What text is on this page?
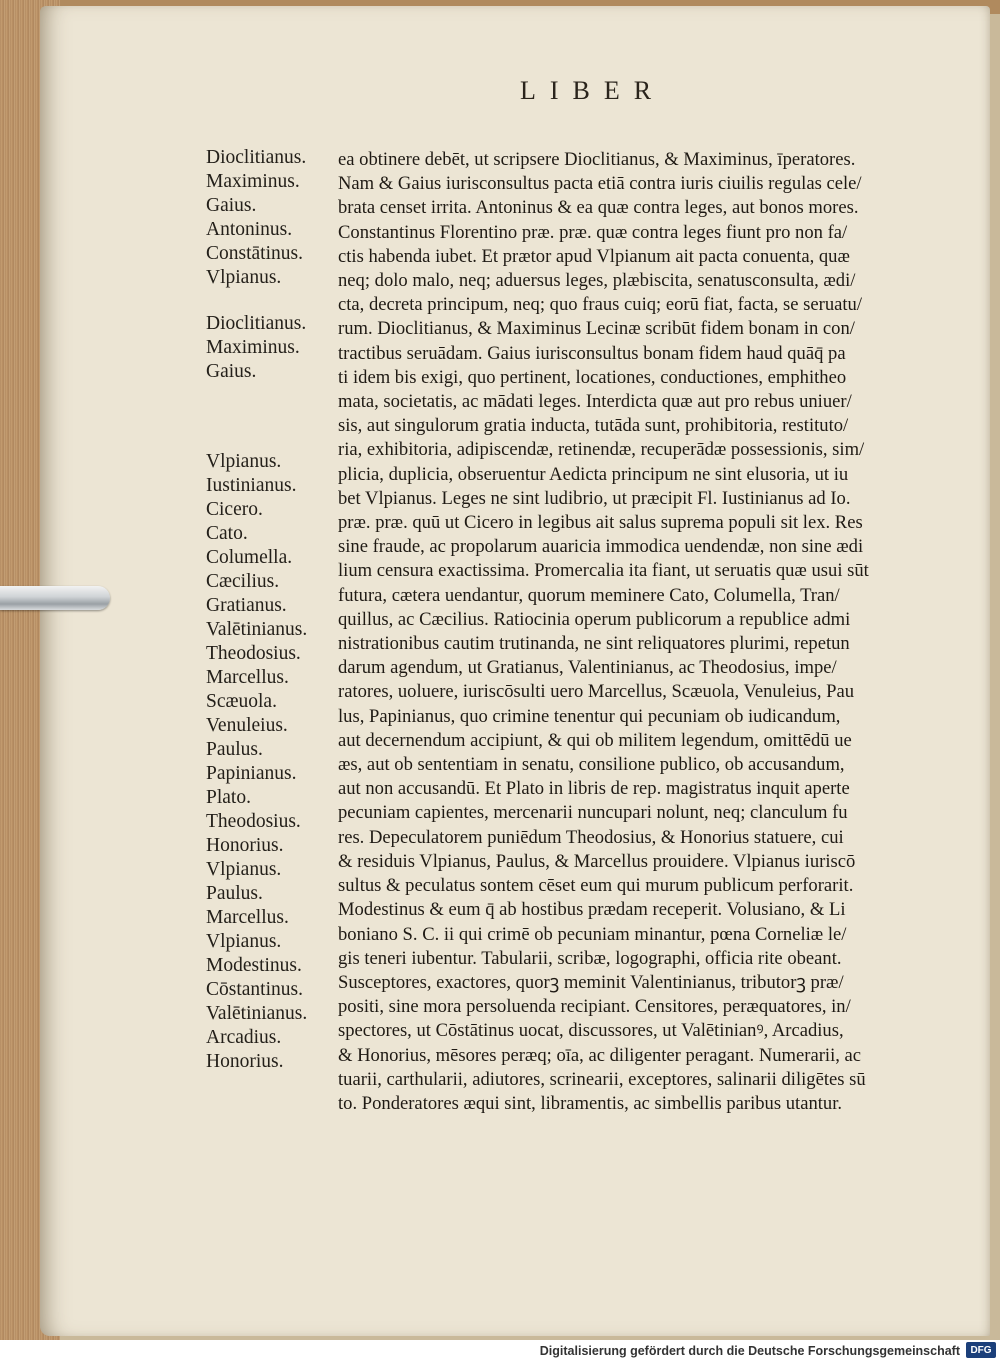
LIBER
Dioclitianus.
Maximinus.
Gaius.
Antoninus.
Constātinus.
Vlpianus.
Dioclitianus.
Maximinus.
Gaius.
Vlpianus.
Iustinianus.
Cicero.
Cato.
Columella.
Cæcilius.
Gratianus.
Valētinianus.
Theodosius.
Marcellus.
Scæuola.
Venuleius.
Paulus.
Papinianus.
Plato.
Theodosius.
Honorius.
Vlpianus.
Paulus.
Marcellus.
Vlpianus.
Modestinus.
Cōstantinus.
Valētinianus.
Arcadius.
Honorius.
ea obtinere debēt, ut scripsere Dioclitianus, & Maximinus, īperatores.
Nam & Gaius iurisconsultus pacta etiā contra iuris ciuilis regulas cele/
brata censet irrita. Antoninus & ea quæ contra leges, aut bonos mores.
Constantinus Florentino præ. præ. quæ contra leges fiunt pro non fa/
ctis habenda iubet. Et prætor apud Vlpianum ait pacta conuenta, quæ
neq; dolo malo, neq; aduersus leges, plæbiscita, senatusconsulta, ædi/
cta, decreta principum, neq; quo fraus cuiq; eorū fiat, facta, se seruatu/
rum. Dioclitianus, & Maximinus Lecinæ scribūt fidem bonam in con/
tractibus seruādam. Gaius iurisconsultus bonam fidem haud quāq̄ pa
ti idem bis exigi, quo pertinent, locationes, conductiones, emphitheo
mata, societatis, ac mādati leges. Interdicta quæ aut pro rebus uniuer/
sis, aut singulorum gratia inducta, tutāda sunt, prohibitoria, restituto/
ria, exhibitoria, adipiscendæ, retinendæ, recuperādæ possessionis, sim/
plicia, duplicia, obseruentur Aedicta principum ne sint elusoria, ut iu
bet Vlpianus. Leges ne sint ludibrio, ut præcipit Fl. Iustinianus ad Io.
præ. præ. quū ut Cicero in legibus ait salus suprema populi sit lex. Res
sine fraude, ac propolarum auaricia immodica uendendæ, non sine ædi
lium censura exactissima. Promercalia ita fiant, ut seruatis quæ usui sūt
futura, cætera uendantur, quorum meminere Cato, Columella, Tran/
quillus, ac Cæcilius. Ratiocinia operum publicorum a republice admi
nistrationibus cautim trutinanda, ne sint reliquatores plurimi, repetun
darum agendum, ut Gratianus, Valentinianus, ac Theodosius, impe/
ratores, uoluere, iuriscōsulti uero Marcellus, Scæuola, Venuleius, Pau
lus, Papinianus, quo crimine tenentur qui pecuniam ob iudicandum,
aut decernendum accipiunt, & qui ob militem legendum, omittēdū ue
æs, aut ob sententiam in senatu, consilione publico, ob accusandum,
aut non accusandū. Et Plato in libris de rep. magistratus inquit aperte
pecuniam capientes, mercenarii nuncupari nolunt, neq; clanculum fu
res. Depeculatorem puniēdum Theodosius, & Honorius statuere, cui
& residuis Vlpianus, Paulus, & Marcellus prouidere. Vlpianus iuriscō
sultus & peculatus sontem cēset eum qui murum publicum perforarit.
Modestinus & eum q̄ ab hostibus prædam receperit. Volusiano, & Li
boniano S. C. ii qui crimē ob pecuniam minantur, pœna Corneliæ le/
gis teneri iubentur. Tabularii, scribæ, logographi, officia rite obeant.
Susceptores, exactores, quorꝫ meminit Valentinianus, tributorꝫ præ/
positi, sine mora persoluenda recipiant. Censitores, peræquatores, in/
spectores, ut Cōstātinus uocat, discussores, ut Valētinianꝰ, Arcadius,
& Honorius, mēsores peræq; oīa, ac diligenter peragant. Numerarii, ac
tuarii, carthularii, adiutores, scrinearii, exceptores, salinarii diligētes sū
to. Ponderatores æqui sint, libramentis, ac simbellis paribus utantur.
Digitalisierung gefördert durch die Deutsche Forschungsgemeinschaft	DFG
